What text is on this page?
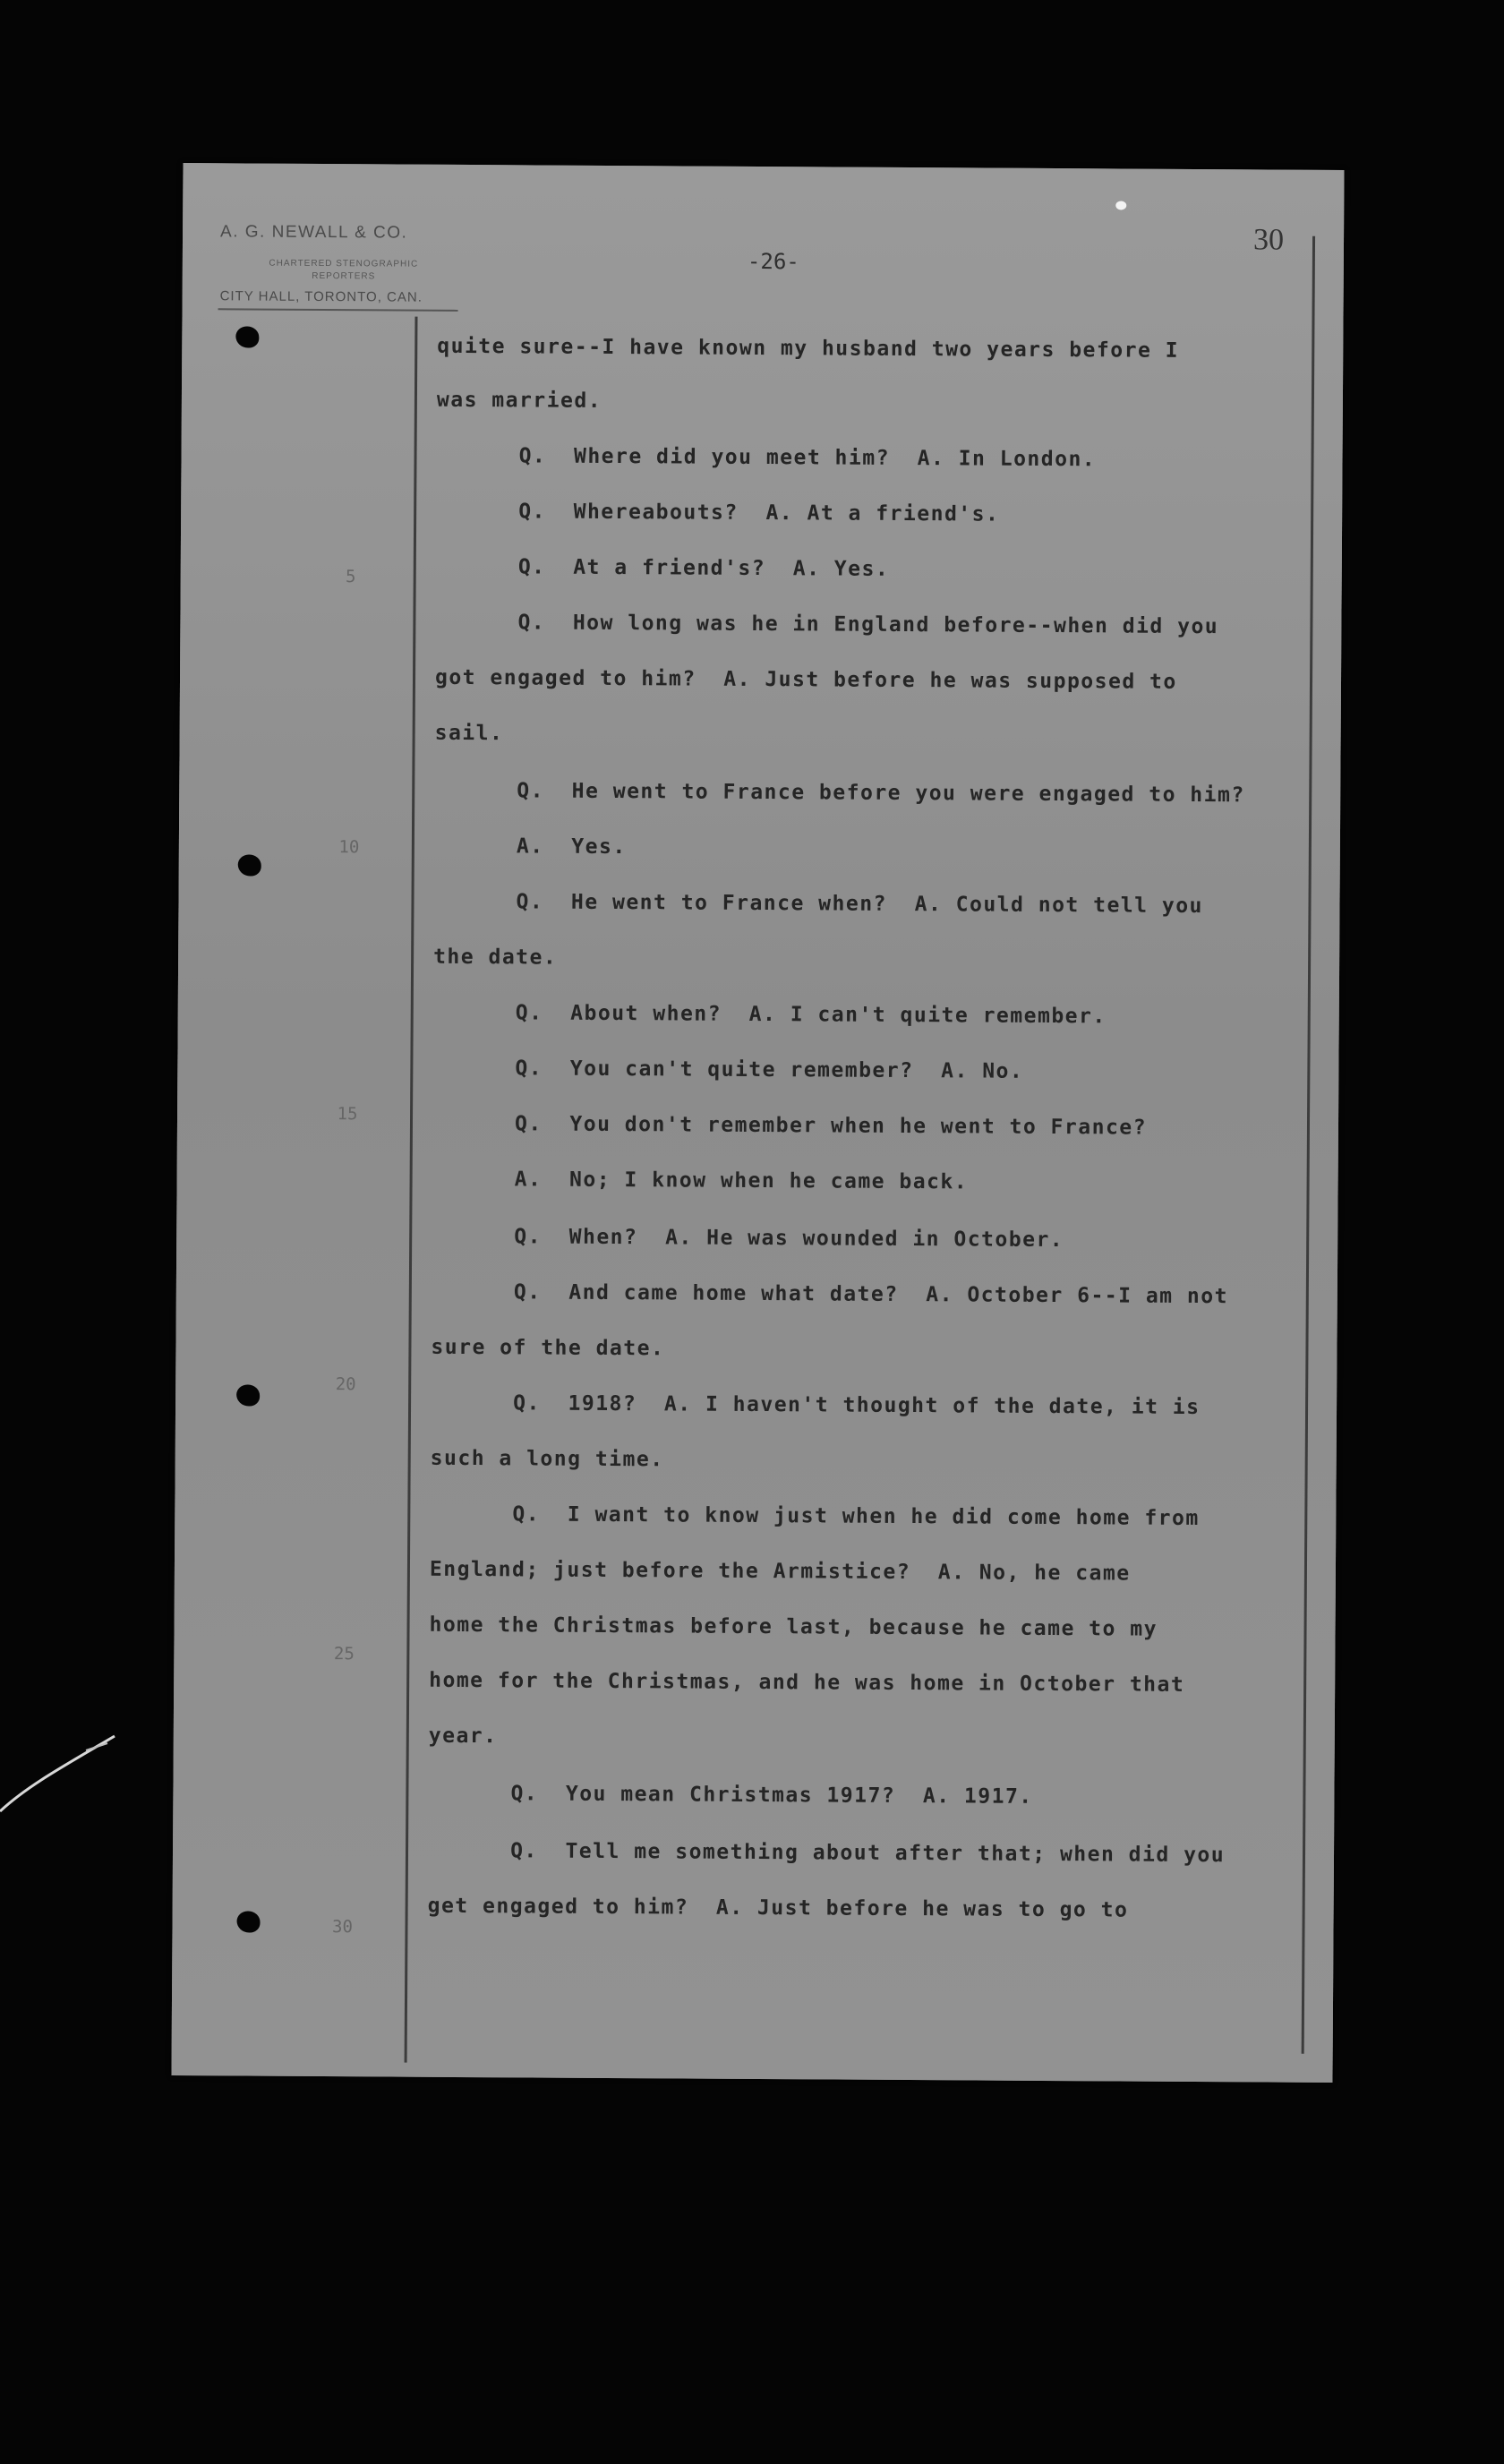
A. G. NEWALL & CO.
CHARTERED STENOGRAPHIC
REPORTERS
CITY HALL, TORONTO, CAN.
-26-
30
5
10
15
20
25
30
quite sure--I have known my husband two years before I
was married.
Q.  Where did you meet him?  A. In London.
Q.  Whereabouts?  A. At a friend's.
Q.  At a friend's?  A. Yes.
Q.  How long was he in England before--when did you
got engaged to him?  A. Just before he was supposed to
sail.
Q.  He went to France before you were engaged to him?
A.  Yes.
Q.  He went to France when?  A. Could not tell you
the date.
Q.  About when?  A. I can't quite remember.
Q.  You can't quite remember?  A. No.
Q.  You don't remember when he went to France?
A.  No; I know when he came back.
Q.  When?  A. He was wounded in October.
Q.  And came home what date?  A. October 6--I am not
sure of the date.
Q.  1918?  A. I haven't thought of the date, it is
such a long time.
Q.  I want to know just when he did come home from
England; just before the Armistice?  A. No, he came
home the Christmas before last, because he came to my
home for the Christmas, and he was home in October that
year.
Q.  You mean Christmas 1917?  A. 1917.
Q.  Tell me something about after that; when did you
get engaged to him?  A. Just before he was to go to
